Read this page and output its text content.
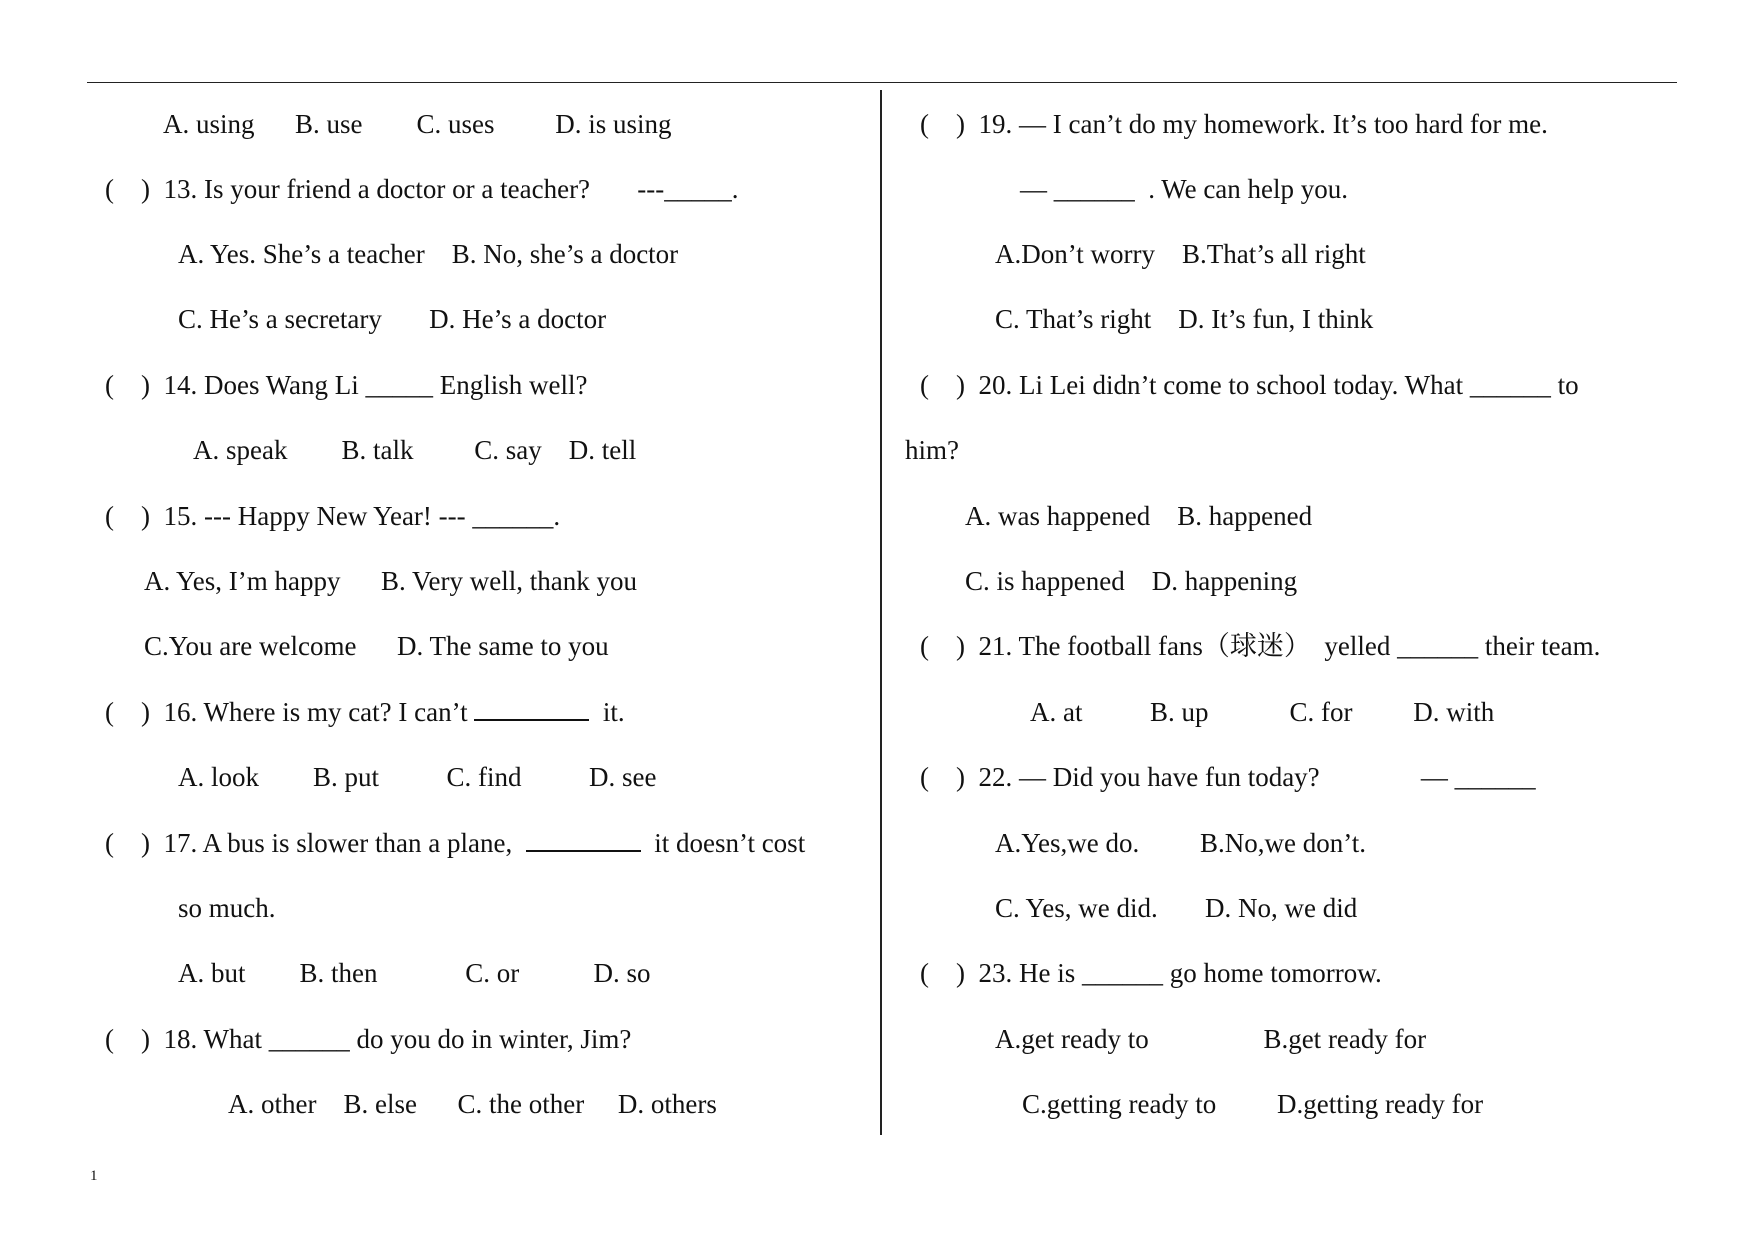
A. using      B. use        C. uses         D. is using
(    )  13. Is your friend a doctor or a teacher?       ---_____.
A. Yes. She’s a teacher    B. No, she’s a doctor
C. He’s a secretary       D. He’s a doctor
(    )  14. Does Wang Li _____ English well?
A. speak        B. talk         C. say    D. tell
(    )  15. --- Happy New Year! --- ______.
A. Yes, I’m happy      B. Very well, thank you
C.You are welcome      D. The same to you
(    )  16. Where is my cat? I can’t	it.
A. look        B. put          C. find          D. see
(    )  17. A bus is slower than a plane,	it doesn’t cost
so much.
A. but        B. then             C. or           D. so
(    )  18. What ______ do you do in winter, Jim?
A. other    B. else      C. the other     D. others
(    )  19. — I can’t do my homework. It’s too hard for me.
— ______  . We can help you.
A.Don’t worry    B.That’s all right
C. That’s right    D. It’s fun, I think
(    )  20. Li Lei didn’t come to school today. What ______ to
him?
A. was happened    B. happened
C. is happened    D. happening
(    )  21. The football fans（球迷）  yelled ______ their team.
A. at          B. up            C. for         D. with
(    )  22. — Did you have fun today?               — ______
A.Yes,we do.         B.No,we don’t.
C. Yes, we did.       D. No, we did
(    )  23. He is ______ go home tomorrow.
A.get ready to                 B.get ready for
C.getting ready to         D.getting ready for
1
